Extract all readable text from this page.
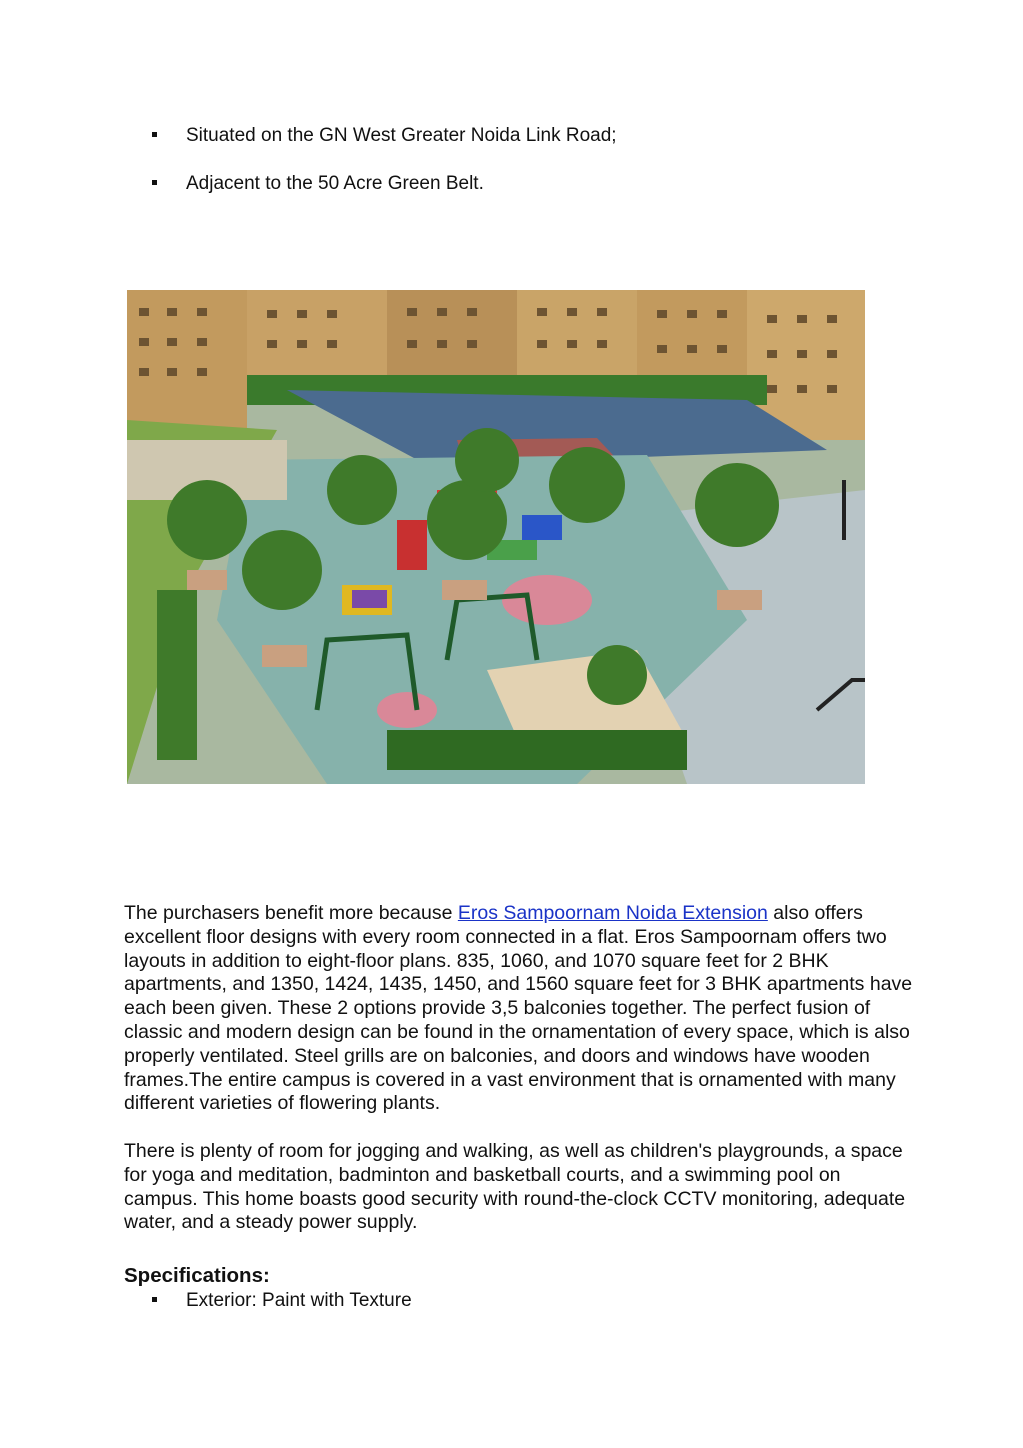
Situated on the GN West Greater Noida Link Road;
Adjacent to the 50 Acre Green Belt.

The purchasers benefit more because Eros Sampoornam Noida Extension also offers excellent floor designs with every room connected in a flat. Eros Sampoornam offers two layouts in addition to eight-floor plans. 835, 1060, and 1070 square feet for 2 BHK apartments, and 1350, 1424, 1435, 1450, and 1560 square feet for 3 BHK apartments have each been given. These 2 options provide 3,5 balconies together. The perfect fusion of classic and modern design can be found in the ornamentation of every space, which is also properly ventilated. Steel grills are on balconies, and doors and windows have wooden frames.The entire campus is covered in a vast environment that is ornamented with many different varieties of flowering plants.

There is plenty of room for jogging and walking, as well as children's playgrounds, a space for yoga and meditation, badminton and basketball courts, and a swimming pool on campus. This home boasts good security with round-the-clock CCTV monitoring, adequate water, and a steady power supply.

Specifications:
Exterior: Paint with Texture
